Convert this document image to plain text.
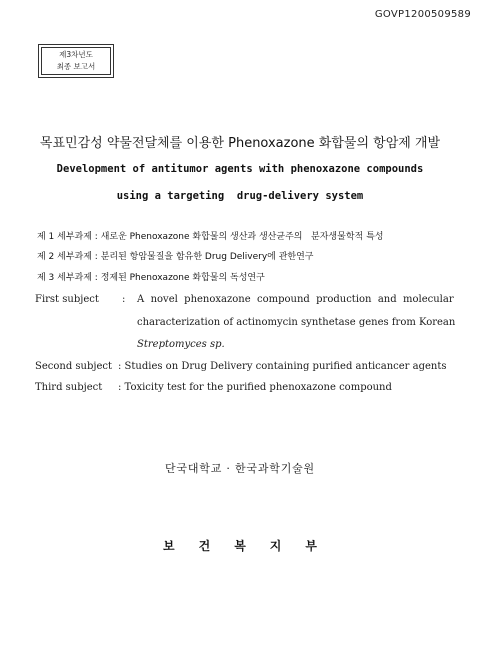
GOVP1200509589
제3차년도
최종 보고서
목표민감성 약물전달체를 이용한 Phenoxazone 화합물의 항암제 개발
Development of antitumor agents with phenoxazone compounds
using a targeting  drug-delivery system
제 1 세부과제 : 새로운 Phenoxazone 화합물의 생산과 생산균주의   분자생물학적 특성
제 2 세부과제 : 분리된 항암물질을 함유한 Drug Delivery에 관한연구
제 3 세부과제 : 정제된 Phenoxazone 화합물의 독성연구
First subject : A  novel  phenoxazone  compound  production  and  molecular
characterization of actinomycin synthetase genes from Korean
Streptomyces sp.
Second subject : Studies on Drug Delivery containing purified anticancer agents
Third subject : Toxicity test for the purified phenoxazone compound
단국대학교 · 한국과학기술원
보건복지부
